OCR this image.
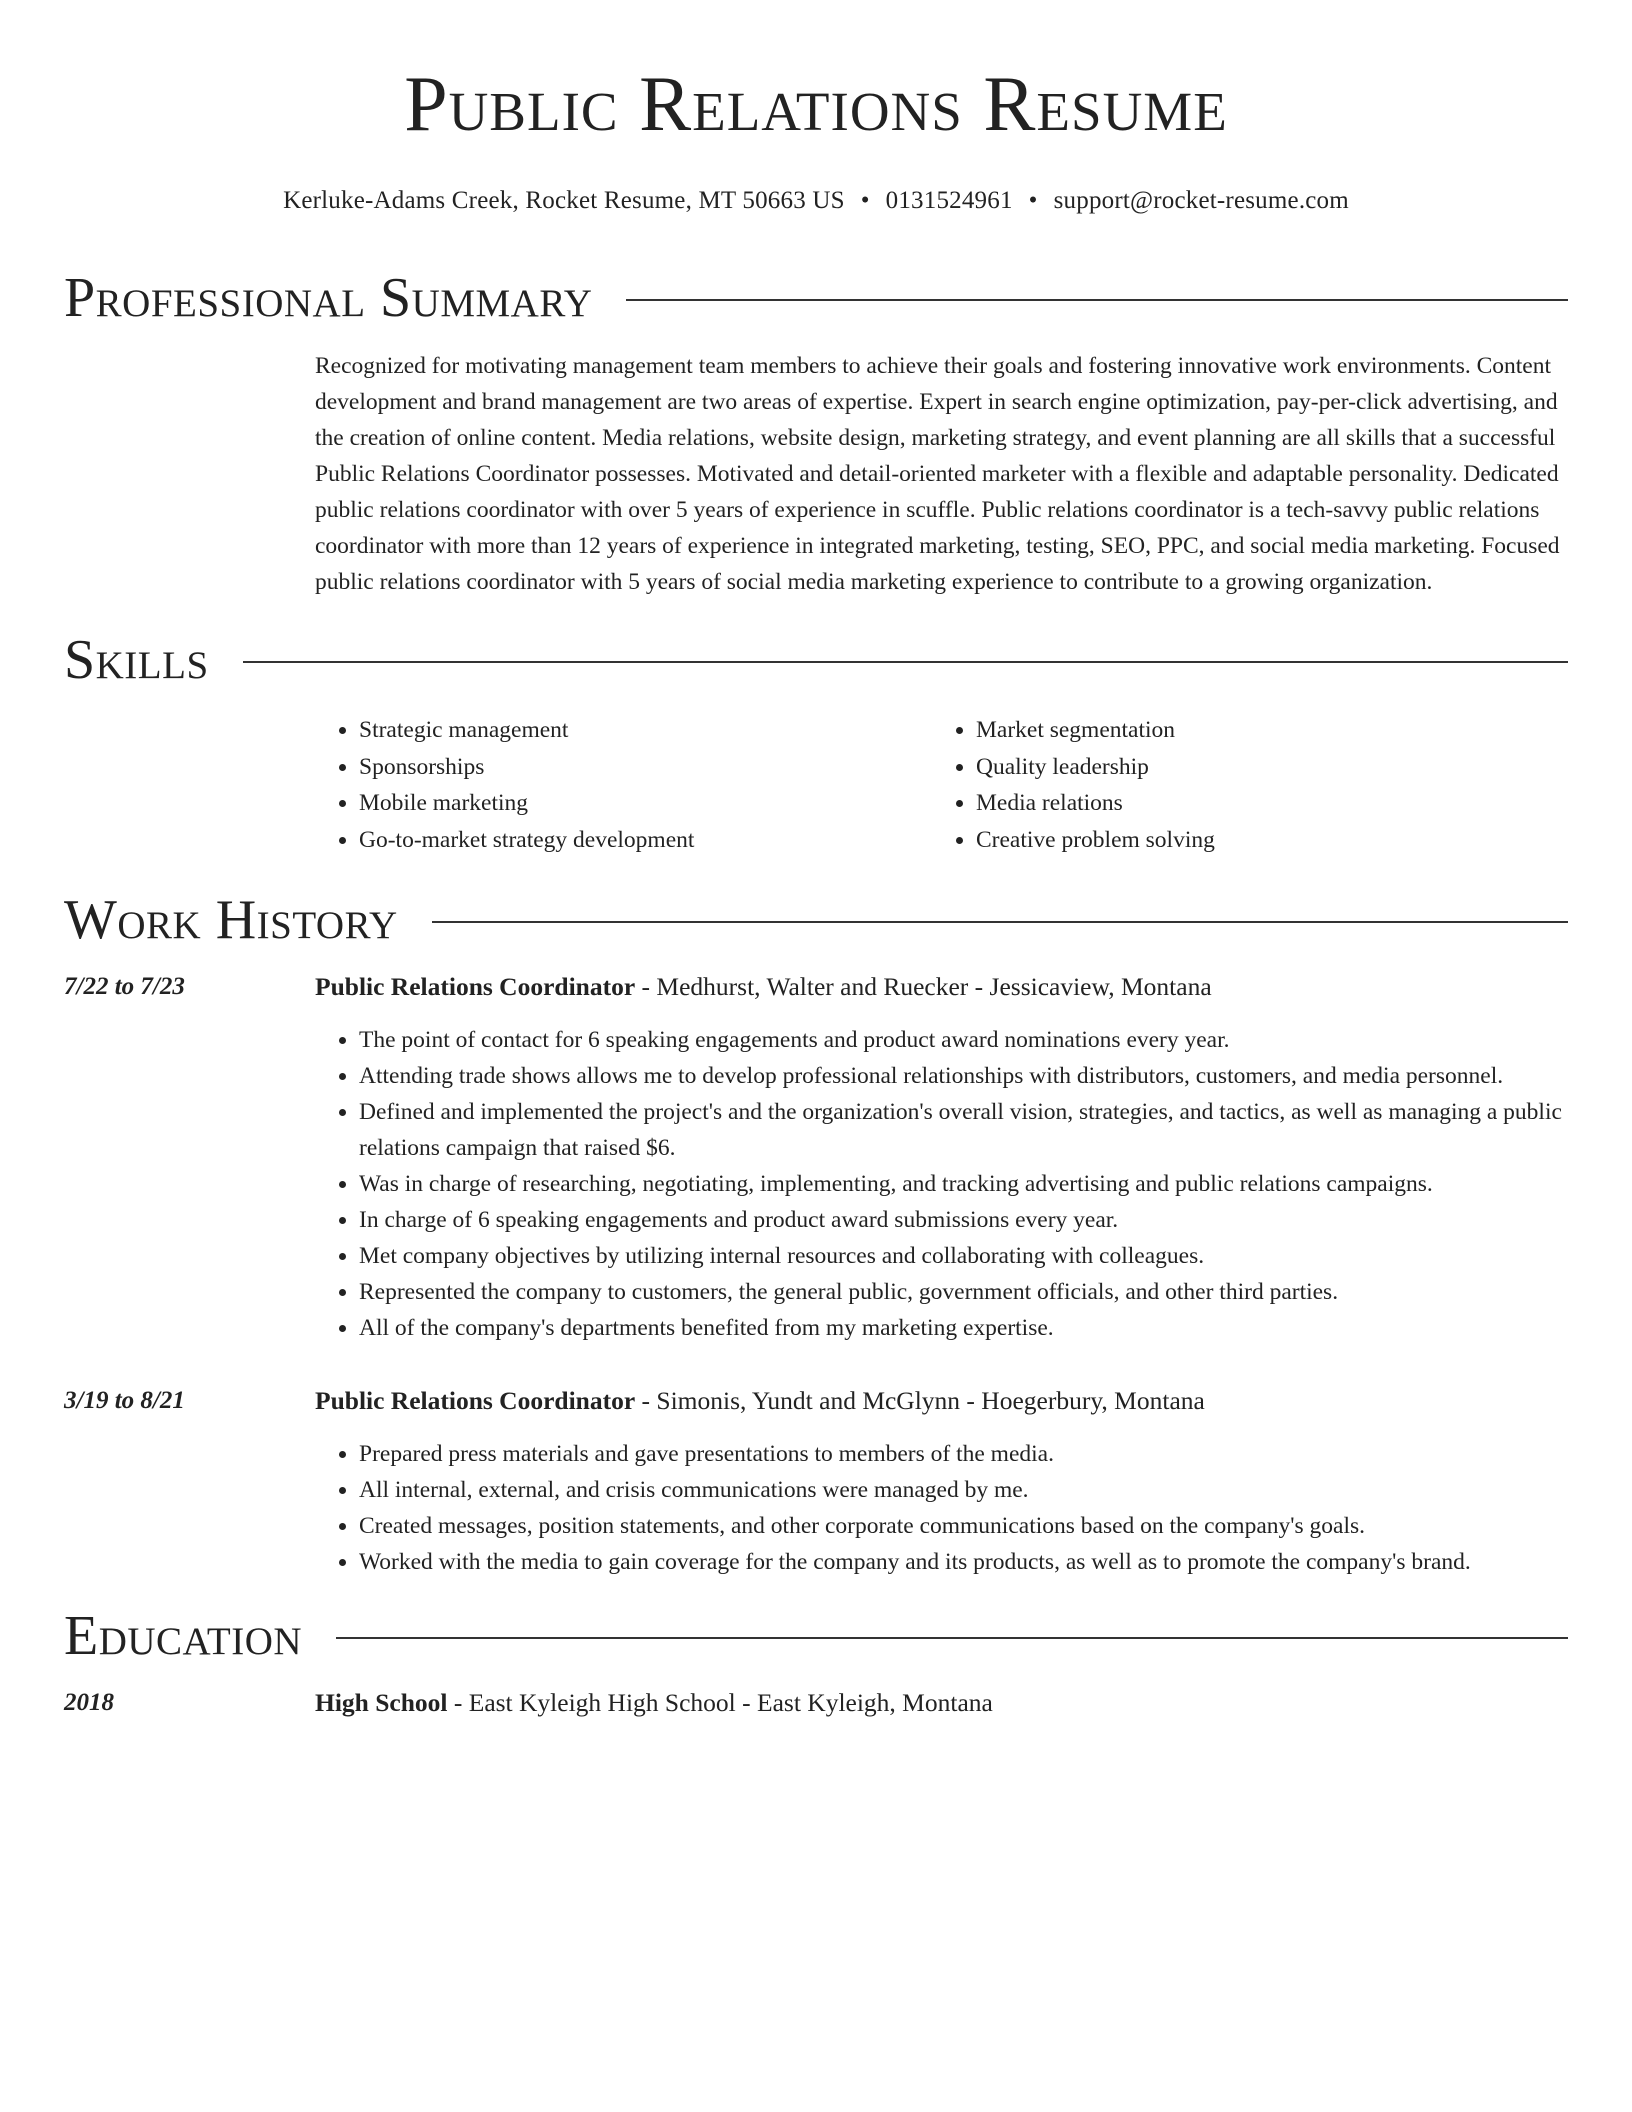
Public Relations Resume
Kerluke-Adams Creek, Rocket Resume, MT 50663 US • 0131524961 • support@rocket-resume.com
Professional Summary

Recognized for motivating management team members to achieve their goals and fostering innovative work environments. Content development and brand management are two areas of expertise. Expert in search engine optimization, pay-per-click advertising, and the creation of online content. Media relations, website design, marketing strategy, and event planning are all skills that a successful Public Relations Coordinator possesses. Motivated and detail-oriented marketer with a flexible and adaptable personality. Dedicated public relations coordinator with over 5 years of experience in scuffle. Public relations coordinator is a tech-savvy public relations coordinator with more than 12 years of experience in integrated marketing, testing, SEO, PPC, and social media marketing. Focused public relations coordinator with 5 years of social media marketing experience to contribute to a growing organization.

Skills
• Strategic management
• Sponsorships
• Mobile marketing
• Go-to-market strategy development
• Market segmentation
• Quality leadership
• Media relations
• Creative problem solving
Work History
7/22 to 7/23	Public Relations Coordinator - Medhurst, Walter and Ruecker - Jessicaview, Montana
• The point of contact for 6 speaking engagements and product award nominations every year.
• Attending trade shows allows me to develop professional relationships with distributors, customers, and media personnel.
• Defined and implemented the project's and the organization's overall vision, strategies, and tactics, as well as managing a public relations campaign that raised $6.
• Was in charge of researching, negotiating, implementing, and tracking advertising and public relations campaigns.
• In charge of 6 speaking engagements and product award submissions every year.
• Met company objectives by utilizing internal resources and collaborating with colleagues.
• Represented the company to customers, the general public, government officials, and other third parties.
• All of the company's departments benefited from my marketing expertise.
3/19 to 8/21	Public Relations Coordinator - Simonis, Yundt and McGlynn - Hoegerbury, Montana
• Prepared press materials and gave presentations to members of the media.
• All internal, external, and crisis communications were managed by me.
• Created messages, position statements, and other corporate communications based on the company's goals.
• Worked with the media to gain coverage for the company and its products, as well as to promote the company's brand.
Education
2018	High School - East Kyleigh High School - East Kyleigh, Montana
